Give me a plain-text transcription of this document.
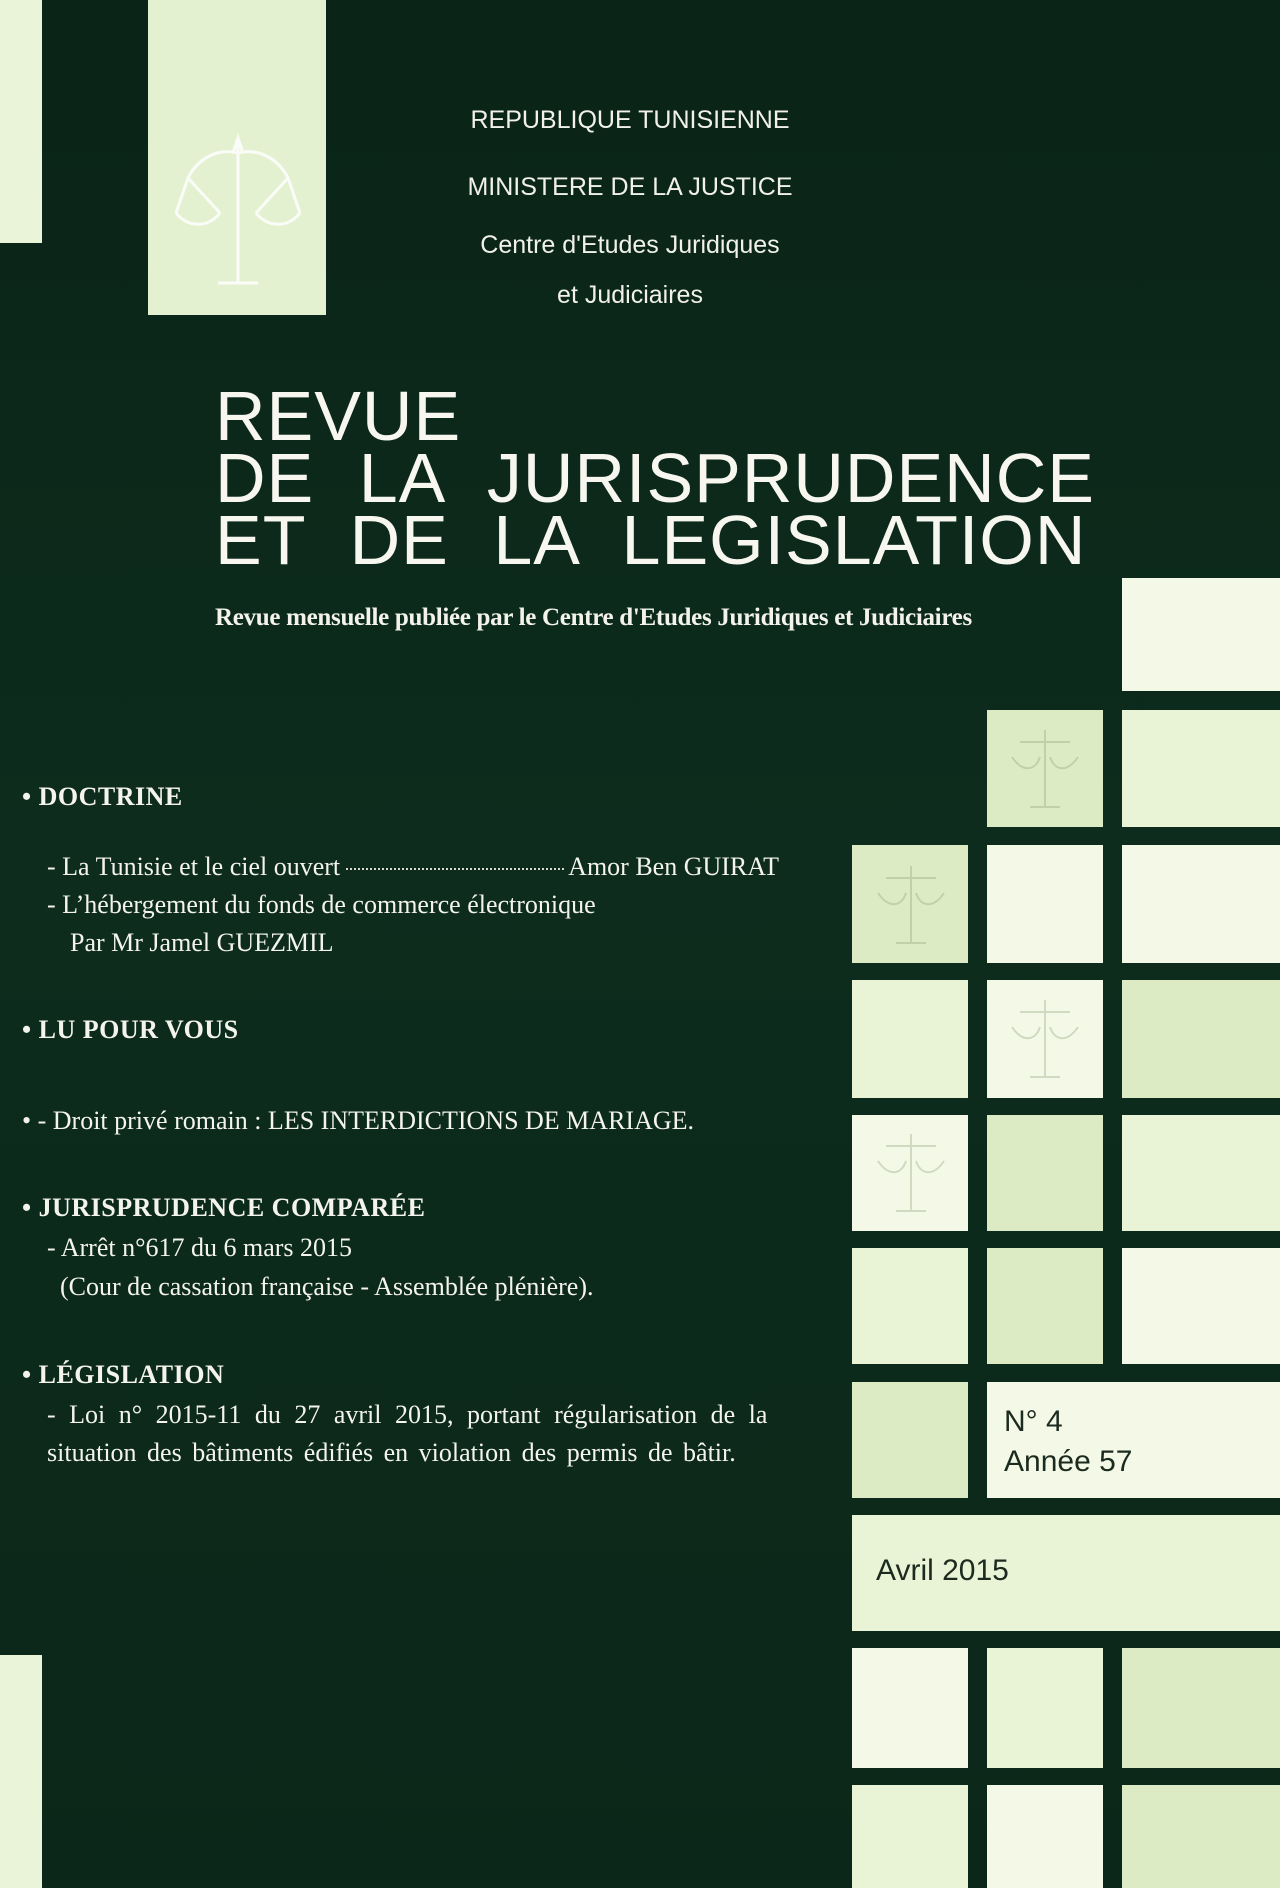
REPUBLIQUE TUNISIENNE
MINISTERE DE LA JUSTICE
Centre d'Etudes Juridiques
et Judiciaires
REVUE
DE LA JURISPRUDENCE
ET DE LA LEGISLATION
Revue mensuelle publiée par le Centre d'Etudes Juridiques et Judiciaires
N° 4
Année 57
Avril 2015
• DOCTRINE
- La Tunisie et le ciel ouvert	Amor Ben GUIRAT
- L’hébergement du fonds de commerce électronique
Par Mr Jamel GUEZMIL
• LU POUR VOUS
• - Droit privé romain : LES INTERDICTIONS DE MARIAGE.
• JURISPRUDENCE COMPARÉE
- Arrêt n°617 du 6 mars 2015
(Cour de cassation française - Assemblée plénière).
• LÉGISLATION
- Loi n° 2015-11 du 27 avril 2015, portant régularisation de la
situation des bâtiments édifiés en violation des permis de bâtir.
